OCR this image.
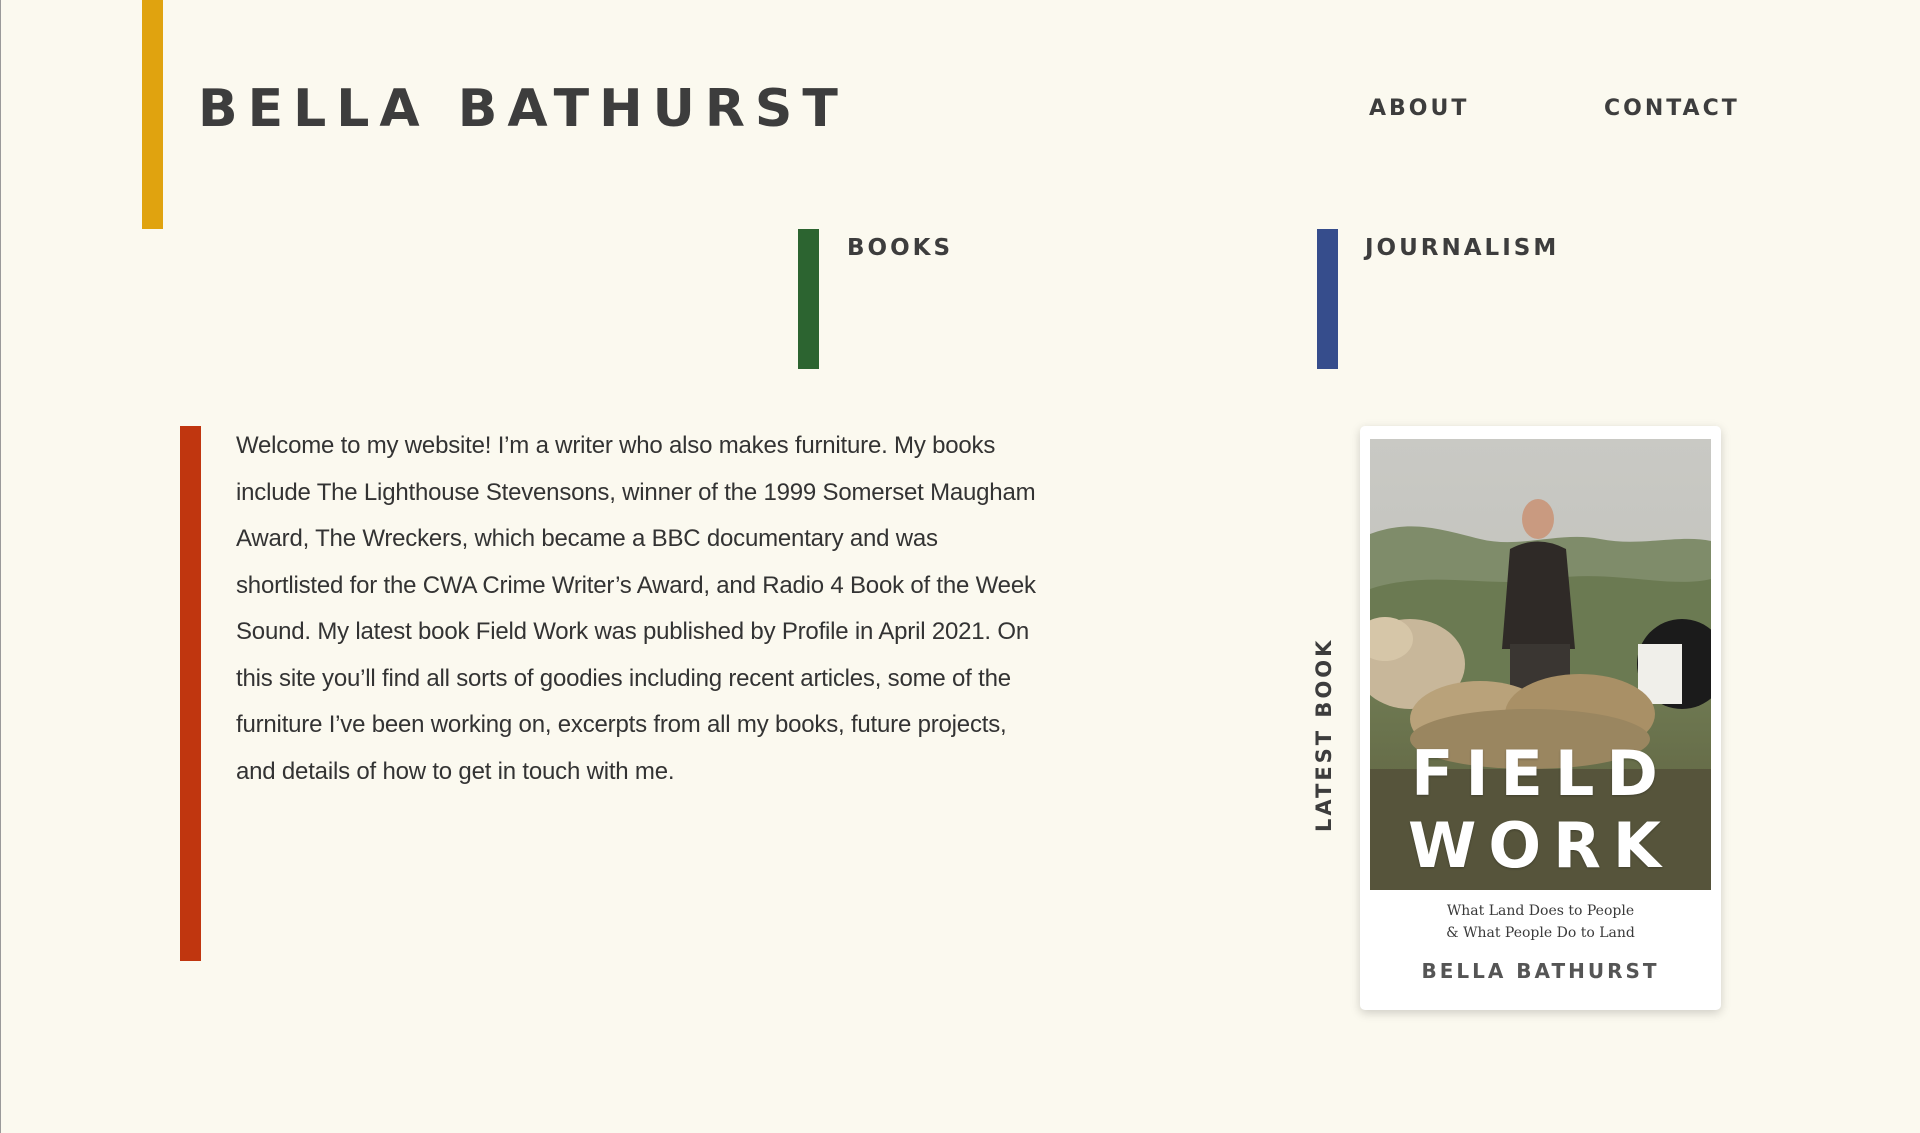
BELLA BATHURST	ABOUT	CONTACT
BOOKS	JOURNALISM

Welcome to my website! I’m a writer who also makes furniture. My books include The Lighthouse Stevensons, winner of the 1999 Somerset Maugham Award, The Wreckers, which became a BBC documentary and was shortlisted for the CWA Crime Writer’s Award, and Radio 4 Book of the Week Sound. My latest book Field Work was published by Profile in April 2021. On this site you’ll find all sorts of goodies including recent articles, some of the furniture I’ve been working on, excerpts from all my books, future projects, and details of how to get in touch with me.	LATEST BOOK	FIELD
WORK

What Land Does to People
& What People Do to Land

BELLA BATHURST
